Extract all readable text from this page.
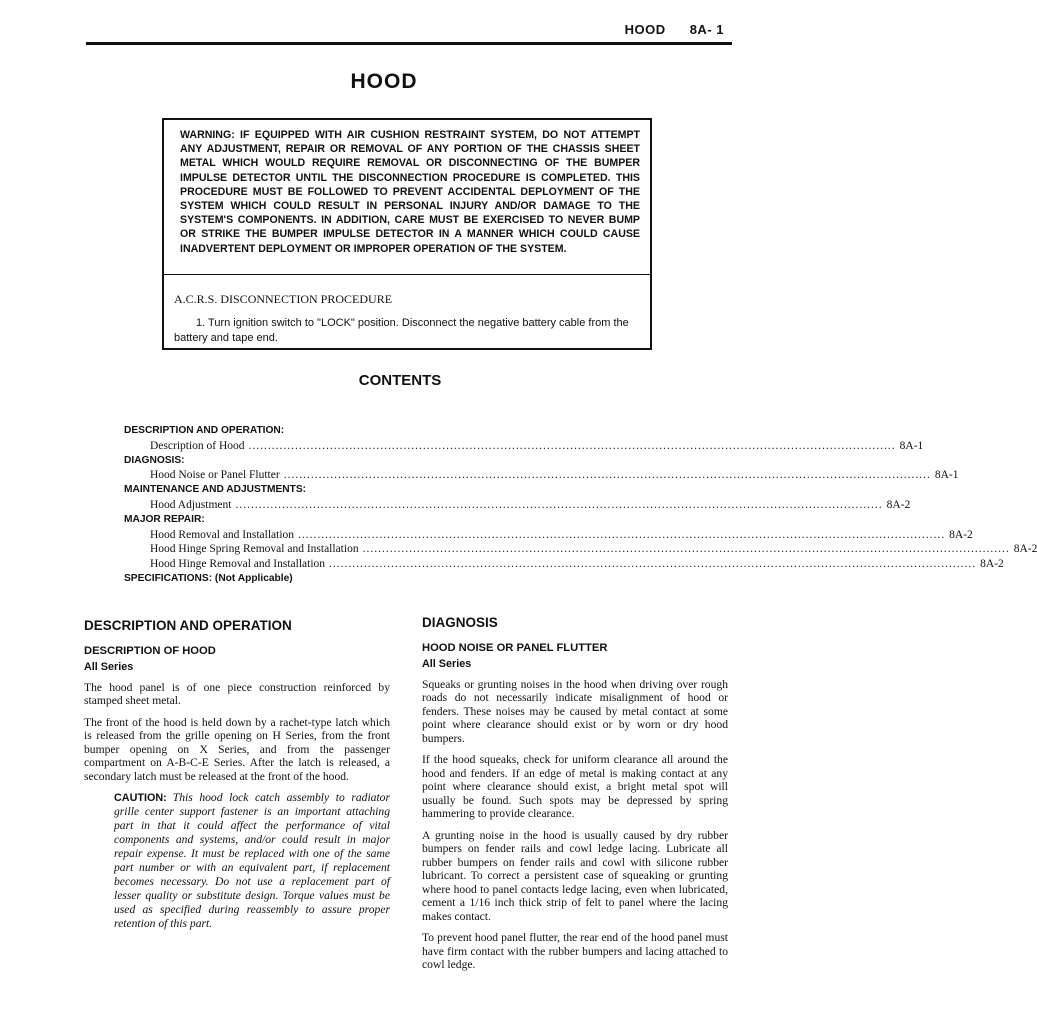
HOOD 8A- 1
HOOD
WARNING: IF EQUIPPED WITH AIR CUSHION RESTRAINT SYSTEM, DO NOT ATTEMPT ANY ADJUSTMENT, REPAIR OR REMOVAL OF ANY PORTION OF THE CHASSIS SHEET METAL WHICH WOULD REQUIRE REMOVAL OR DISCONNECTING OF THE BUMPER IMPULSE DETECTOR UNTIL THE DISCONNECTION PROCEDURE IS COMPLETED. THIS PROCEDURE MUST BE FOLLOWED TO PREVENT ACCIDENTAL DEPLOYMENT OF THE SYSTEM WHICH COULD RESULT IN PERSONAL INJURY AND/OR DAMAGE TO THE SYSTEM'S COMPONENTS. IN ADDITION, CARE MUST BE EXERCISED TO NEVER BUMP OR STRIKE THE BUMPER IMPULSE DETECTOR IN A MANNER WHICH COULD CAUSE INADVERTENT DEPLOYMENT OR IMPROPER OPERATION OF THE SYSTEM.
A.C.R.S. DISCONNECTION PROCEDURE
1. Turn ignition switch to "LOCK" position. Disconnect the negative battery cable from the battery and tape end.
CONTENTS
DESCRIPTION AND OPERATION:
Description of Hood ....................................................................................................................................................................... 8A-1
DIAGNOSIS:
Hood Noise or Panel Flutter ....................................................................................................................................................................... 8A-1
MAINTENANCE AND ADJUSTMENTS:
Hood Adjustment ....................................................................................................................................................................... 8A-2
MAJOR REPAIR:
Hood Removal and Installation ....................................................................................................................................................................... 8A-2
Hood Hinge Spring Removal and Installation ....................................................................................................................................................................... 8A-2
Hood Hinge Removal and Installation ....................................................................................................................................................................... 8A-2
SPECIFICATIONS: (Not Applicable)
DESCRIPTION AND OPERATION
DESCRIPTION OF HOOD
All Series

The hood panel is of one piece construction reinforced by stamped sheet metal.

The front of the hood is held down by a rachet-type latch which is released from the grille opening on H Series, from the front bumper opening on X Series, and from the passenger compartment on A-B-C-E Series. After the latch is released, a secondary latch must be released at the front of the hood.

CAUTION: This hood lock catch assembly to radiator grille center support fastener is an important attaching part in that it could affect the performance of vital components and systems, and/or could result in major repair expense. It must be replaced with one of the same part number or with an equivalent part, if replacement becomes necessary. Do not use a replacement part of lesser quality or substitute design. Torque values must be used as specified during reassembly to assure proper retention of this part.
DIAGNOSIS
HOOD NOISE OR PANEL FLUTTER
All Series

Squeaks or grunting noises in the hood when driving over rough roads do not necessarily indicate misalignment of hood or fenders. These noises may be caused by metal contact at some point where clearance should exist or by worn or dry hood bumpers.

If the hood squeaks, check for uniform clearance all around the hood and fenders. If an edge of metal is making contact at any point where clearance should exist, a bright metal spot will usually be found. Such spots may be depressed by spring hammering to provide clearance.

A grunting noise in the hood is usually caused by dry rubber bumpers on fender rails and cowl ledge lacing. Lubricate all rubber bumpers on fender rails and cowl with silicone rubber lubricant. To correct a persistent case of squeaking or grunting where hood to panel contacts ledge lacing, even when lubricated, cement a 1/16 inch thick strip of felt to panel where the lacing makes contact.

To prevent hood panel flutter, the rear end of the hood panel must have firm contact with the rubber bumpers and lacing attached to cowl ledge.
